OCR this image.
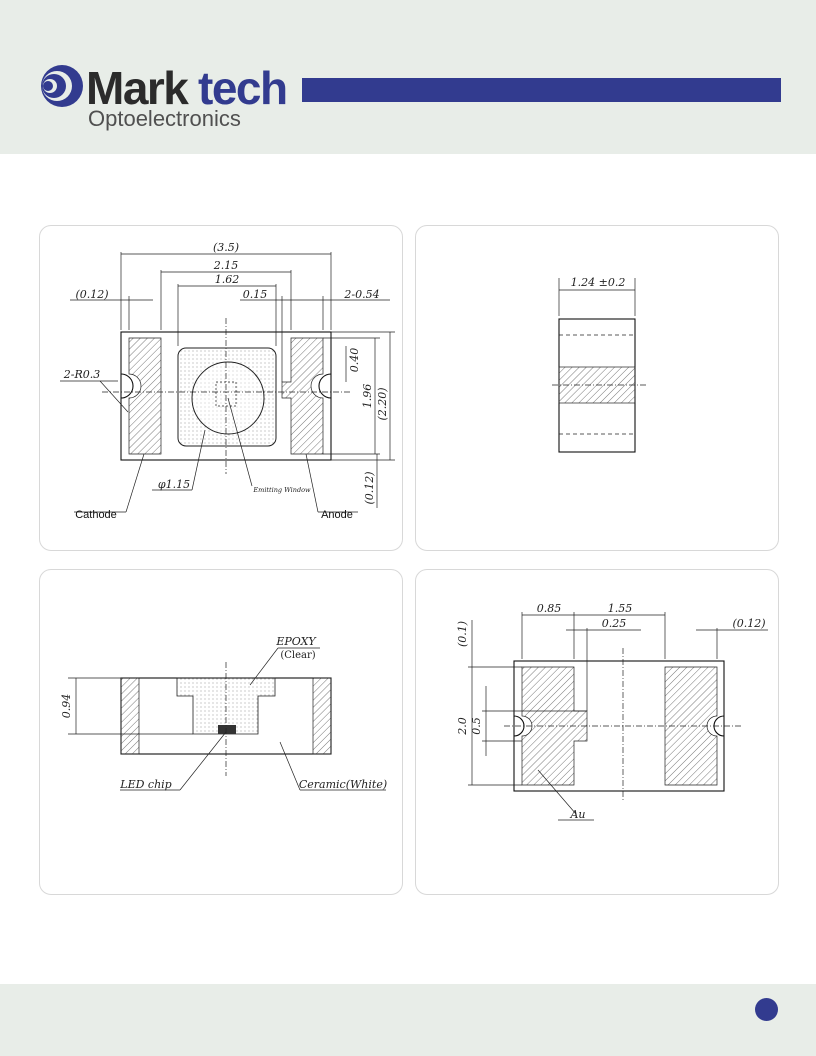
Mark tech
Optoelectronics
(3.5)
2.15
1.62
(0.12)	0.15	2-0.54
2-R0.3
(2.20)
1.96
0.40
(0.12)
φ1.15	Emitting Window
Cathode	Anode
1.24 ±0.2
0.94
EPOXY
(Clear)
LED chip	Ceramic(White)
0.85	1.55
0.25	(0.12)
(0.1)
2.0 0.5
Au
